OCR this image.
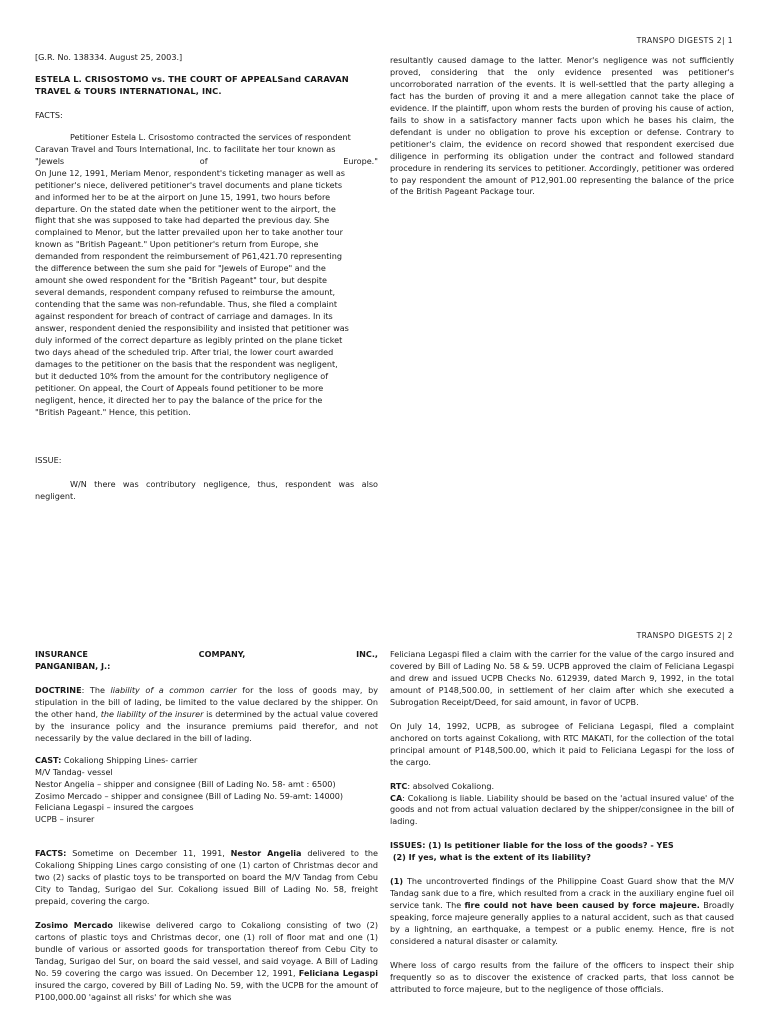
TRANSPO DIGESTS 2| 1

[G.R. No. 138334. August 25, 2003.]

ESTELA L. CRISOSTOMO vs. THE COURT OF APPEALSand CARAVAN TRAVEL & TOURS INTERNATIONAL, INC.

FACTS:

Petitioner Estela L. Crisostomo contracted the services of respondent
Caravan Travel and Tours International, Inc. to facilitate her tour known as
"Jewels	of	Europe."
On June 12, 1991, Meriam Menor, respondent's ticketing manager as well as
petitioner's niece, delivered petitioner's travel documents and plane tickets
and informed her to be at the airport on June 15, 1991, two hours before
departure. On the stated date when the petitioner went to the airport, the
flight that she was supposed to take had departed the previous day. She
complained to Menor, but the latter prevailed upon her to take another tour
known as "British Pageant." Upon petitioner's return from Europe, she
demanded from respondent the reimbursement of P61,421.70 representing
the difference between the sum she paid for "Jewels of Europe" and the
amount she owed respondent for the "British Pageant" tour, but despite
several demands, respondent company refused to reimburse the amount,
contending that the same was non-refundable. Thus, she filed a complaint
against respondent for breach of contract of carriage and damages. In its
answer, respondent denied the responsibility and insisted that petitioner was
duly informed of the correct departure as legibly printed on the plane ticket
two days ahead of the scheduled trip. After trial, the lower court awarded
damages to the petitioner on the basis that the respondent was negligent,
but it deducted 10% from the amount for the contributory negligence of
petitioner. On appeal, the Court of Appeals found petitioner to be more
negligent, hence, it directed her to pay the balance of the price for the
"British Pageant." Hence, this petition.

ISSUE:

W/N there was contributory negligence, thus, respondent was also negligent.

resultantly caused damage to the latter. Menor's negligence was not sufficiently proved, considering that the only evidence presented was petitioner's uncorroborated narration of the events. It is well-settled that the party alleging a fact has the burden of proving it and a mere allegation cannot take the place of evidence. If the plaintiff, upon whom rests the burden of proving his cause of action, fails to show in a satisfactory manner facts upon which he bases his claim, the defendant is under no obligation to prove his exception or defense. Contrary to petitioner's claim, the evidence on record showed that respondent exercised due diligence in performing its obligation under the contract and followed standard procedure in rendering its services to petitioner. Accordingly, petitioner was ordered to pay respondent the amount of P12,901.00 representing the balance of the price of the British Pageant Package tour.

TRANSPO DIGESTS 2| 2
INSURANCE	COMPANY,	INC.,

PANGANIBAN, J.:

DOCTRINE: The liability of a common carrier for the loss of goods may, by stipulation in the bill of lading, be limited to the value declared by the shipper. On the other hand, the liability of the insurer is determined by the actual value covered by the insurance policy and the insurance premiums paid therefor, and not necessarily by the value declared in the bill of lading.

CAST: Cokaliong Shipping Lines- carrier

M/V Tandag- vessel
Nestor Angelia – shipper and consignee (Bill of Lading No. 58- amt : 6500)
Zosimo Mercado – shipper and consignee (Bill of Lading No. 59-amt: 14000)
Feliciana Legaspi – insured the cargoes
UCPB – insurer

FACTS: Sometime on December 11, 1991, Nestor Angelia delivered to the Cokaliong Shipping Lines cargo consisting of one (1) carton of Christmas decor and two (2) sacks of plastic toys to be transported on board the M/V Tandag from Cebu City to Tandag, Surigao del Sur. Cokaliong issued Bill of Lading No. 58, freight prepaid, covering the cargo.

Zosimo Mercado likewise delivered cargo to Cokaliong consisting of two (2) cartons of plastic toys and Christmas decor, one (1) roll of floor mat and one (1) bundle of various or assorted goods for transportation thereof from Cebu City to Tandag, Surigao del Sur, on board the said vessel, and said voyage. A Bill of Lading No. 59 covering the cargo was issued. On December 12, 1991, Feliciana Legaspi insured the cargo, covered by Bill of Lading No. 59, with the UCPB for the amount of P100,000.00 'against all risks' for which she was

Feliciana Legaspi filed a claim with the carrier for the value of the cargo insured and covered by Bill of Lading No. 58 & 59. UCPB approved the claim of Feliciana Legaspi and drew and issued UCPB Checks No. 612939, dated March 9, 1992, in the total amount of P148,500.00, in settlement of her claim after which she executed a Subrogation Receipt/Deed, for said amount, in favor of UCPB.

On July 14, 1992, UCPB, as subrogee of Feliciana Legaspi, filed a complaint anchored on torts against Cokaliong, with RTC MAKATI, for the collection of the total principal amount of P148,500.00, which it paid to Feliciana Legaspi for the loss of the cargo.

RTC: absolved Cokaliong.

CA: Cokaliong is liable. Liability should be based on the 'actual insured value' of the goods and not from actual valuation declared by the shipper/consignee in the bill of lading.

ISSUES: (1) Is petitioner liable for the loss of the goods? - YES

(2) If yes, what is the extent of its liability?

(1) The uncontroverted findings of the Philippine Coast Guard show that the M/V Tandag sank due to a fire, which resulted from a crack in the auxiliary engine fuel oil service tank. The fire could not have been caused by force majeure. Broadly speaking, force majeure generally applies to a natural accident, such as that caused by a lightning, an earthquake, a tempest or a public enemy. Hence, fire is not considered a natural disaster or calamity.

Where loss of cargo results from the failure of the officers to inspect their ship frequently so as to discover the existence of cracked parts, that loss cannot be attributed to force majeure, but to the negligence of those officials.
